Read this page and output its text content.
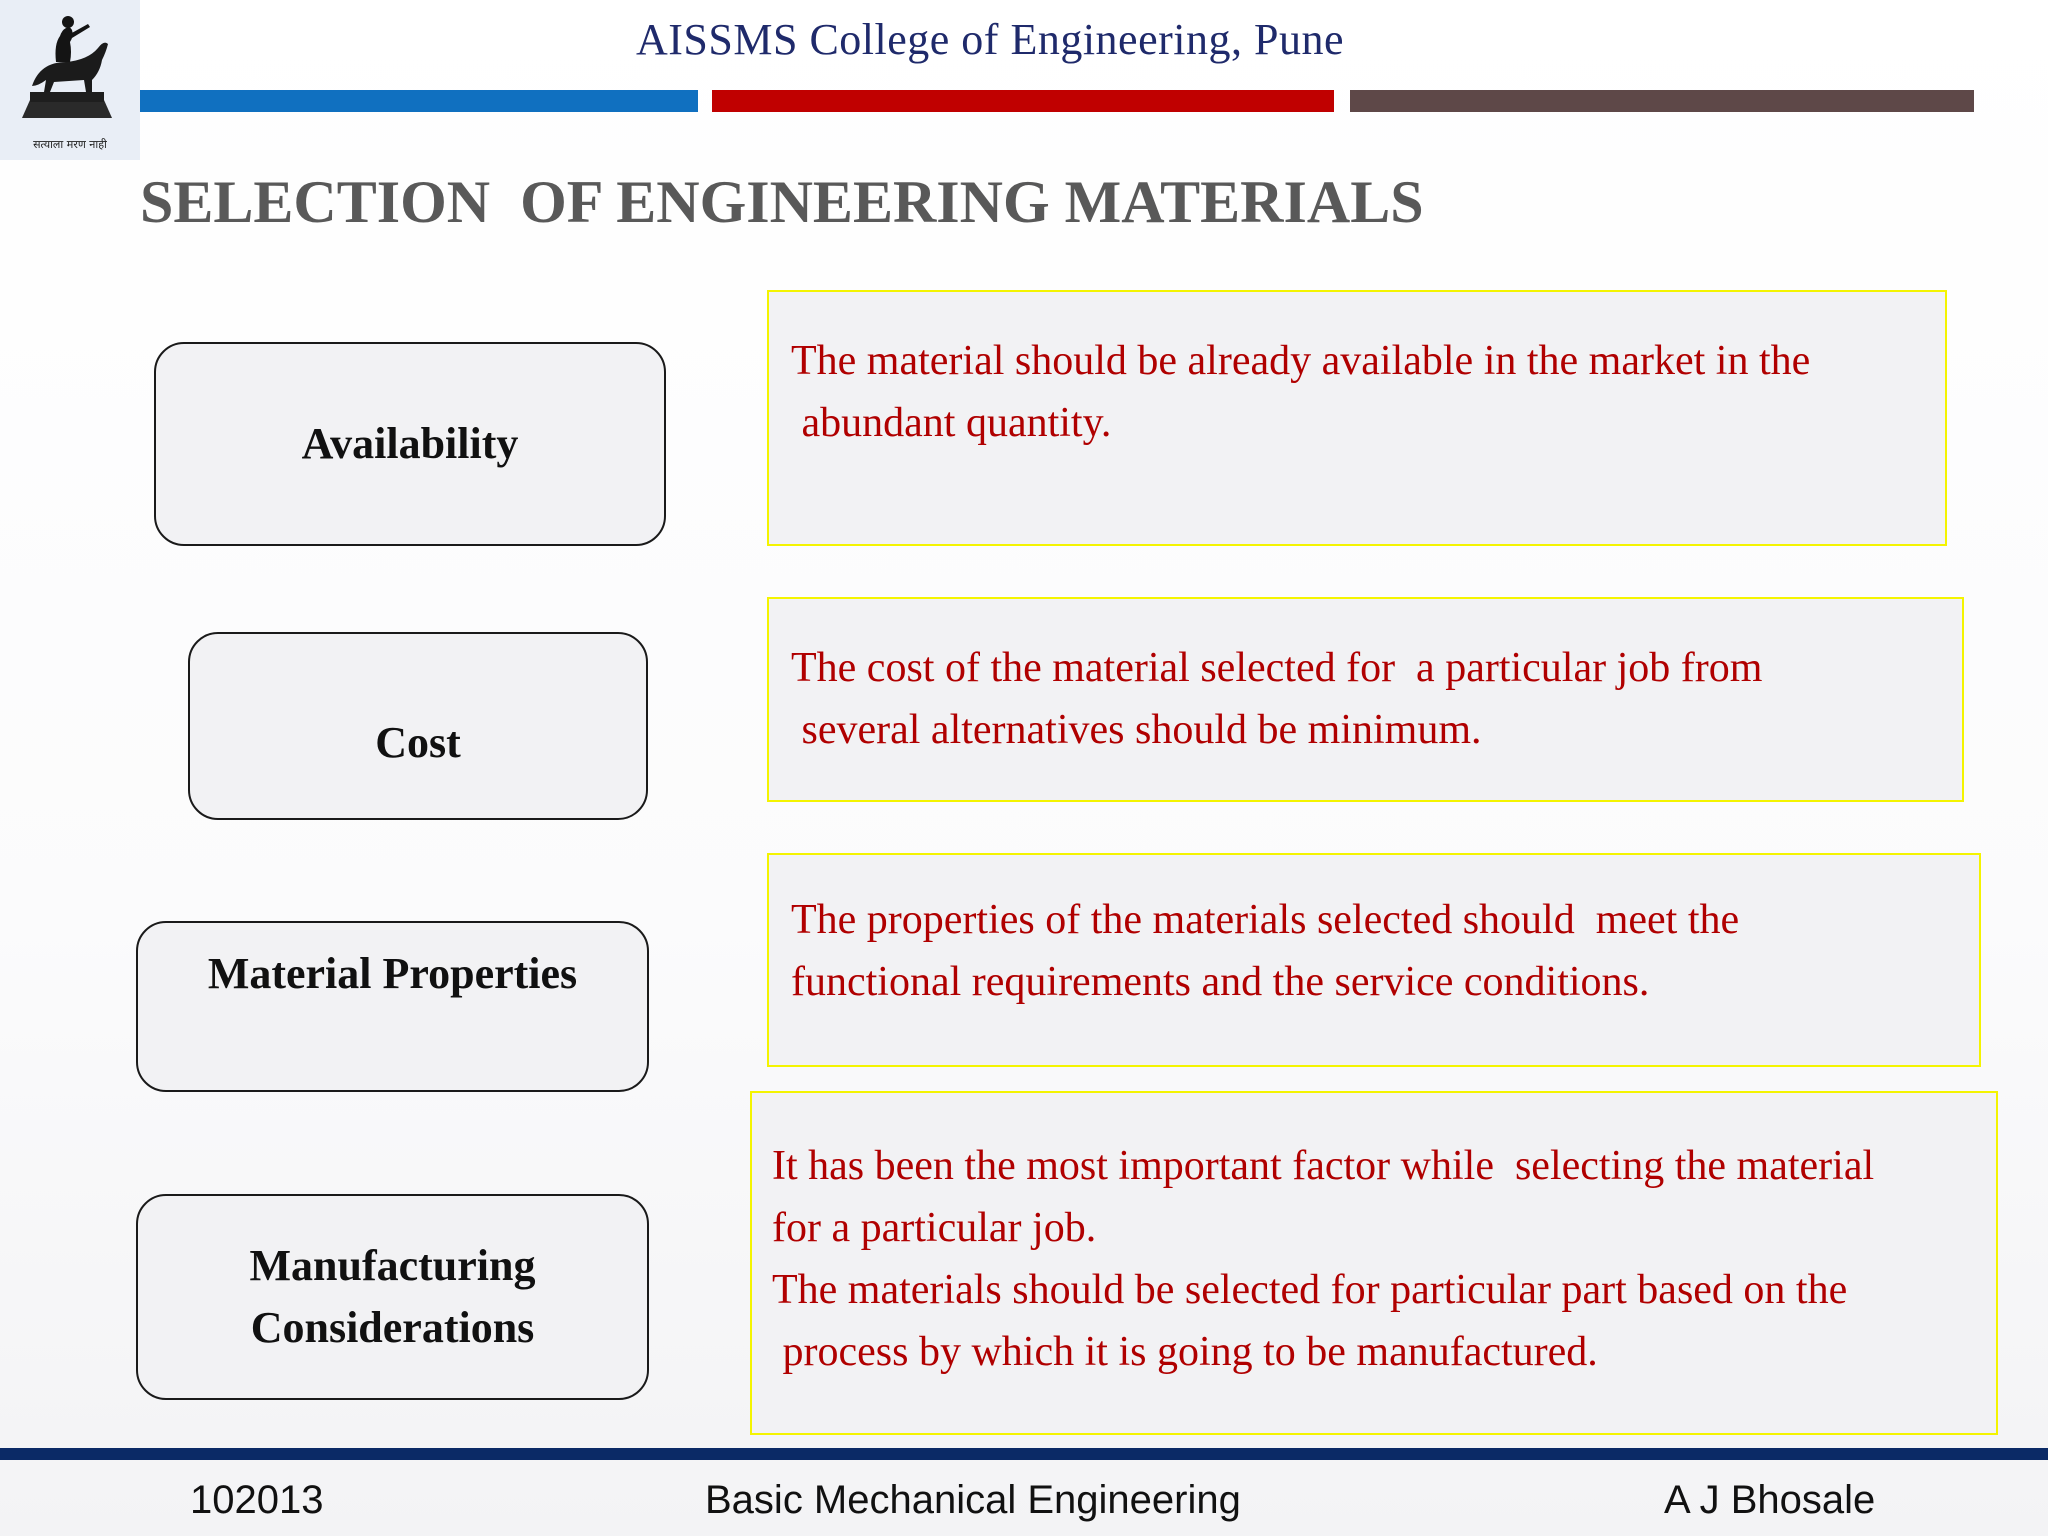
सत्याला मरण नाही
AISSMS College of Engineering, Pune
SELECTION  OF ENGINEERING MATERIALS
Availability

The material should be already available in the market in the

abundant quantity.

Cost

The cost of the material selected for  a particular job from

several alternatives should be minimum.

Material Properties

The properties of the materials selected should  meet the

functional requirements and the service conditions.

Manufacturing
Considerations

It has been the most important factor while  selecting the material

for a particular job.

The materials should be selected for particular part based on the

process by which it is going to be manufactured.

102013	Basic Mechanical Engineering	A J Bhosale
